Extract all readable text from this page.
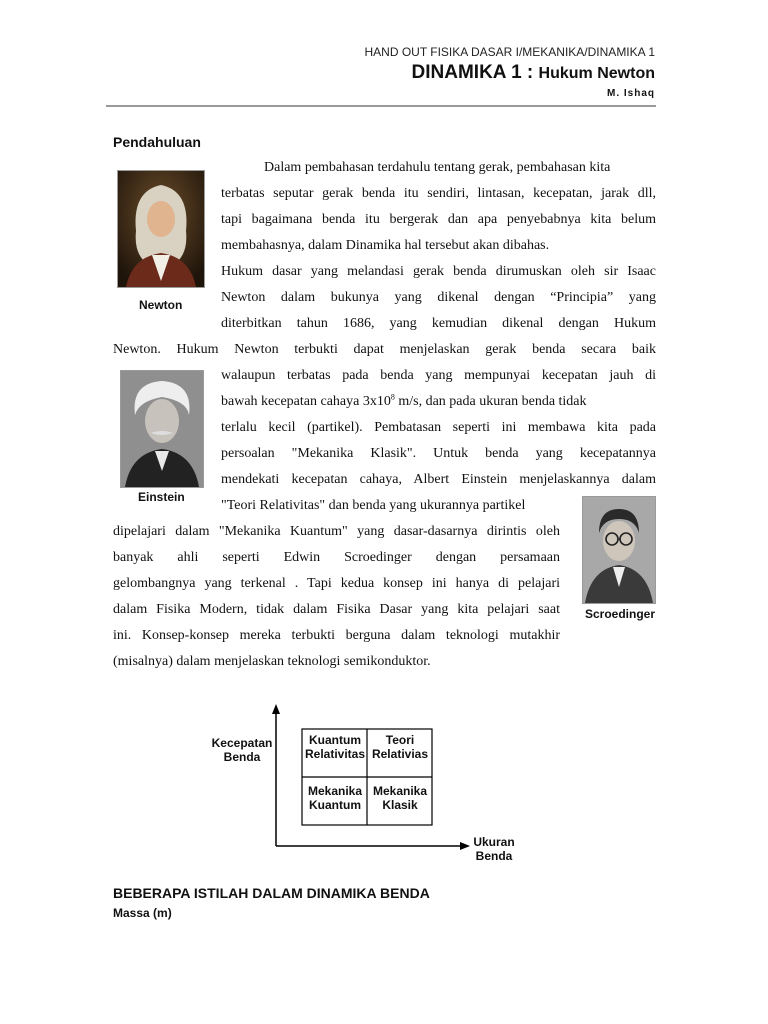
HAND OUT FISIKA DASAR I/MEKANIKA/DINAMIKA 1
DINAMIKA 1 : Hukum Newton
M. Ishaq
Pendahuluan
Newton
Einstein
Scroedinger
Dalam pembahasan terdahulu tentang gerak, pembahasan kita
terbatas seputar gerak benda itu sendiri, lintasan, kecepatan, jarak dll,
tapi bagaimana benda itu bergerak dan apa penyebabnya kita belum
membahasnya, dalam Dinamika hal tersebut akan dibahas.
Hukum dasar yang melandasi gerak benda dirumuskan oleh sir Isaac
Newton dalam bukunya yang dikenal dengan “Principia” yang
diterbitkan tahun 1686, yang kemudian dikenal dengan Hukum
Newton. Hukum Newton terbukti dapat menjelaskan gerak benda secara baik
walaupun terbatas pada benda yang mempunyai kecepatan jauh di
bawah kecepatan cahaya $3x10^8$ m/s, dan pada ukuran benda tidak
terlalu kecil (partikel). Pembatasan seperti ini membawa kita pada
persoalan "Mekanika Klasik". Untuk benda yang kecepatannya
mendekati kecepatan cahaya, Albert Einstein menjelaskannya dalam
"Teori Relativitas" dan benda yang ukurannya partikel
dipelajari dalam "Mekanika Kuantum" yang dasar-dasarnya dirintis oleh
banyak ahli seperti Edwin Scroedinger dengan persamaan
gelombangnya yang terkenal . Tapi kedua konsep ini hanya di pelajari
dalam Fisika Modern, tidak dalam Fisika Dasar yang kita pelajari saat
ini. Konsep-konsep mereka terbukti berguna dalam teknologi mutakhir
(misalnya) dalam menjelaskan teknologi semikonduktor.
Kecepatan Benda
Ukuran Benda
Kuantum Relativitas
Teori Relativias
Mekanika Kuantum
Mekanika Klasik
BEBERAPA ISTILAH DALAM DINAMIKA BENDA
Massa (m)
